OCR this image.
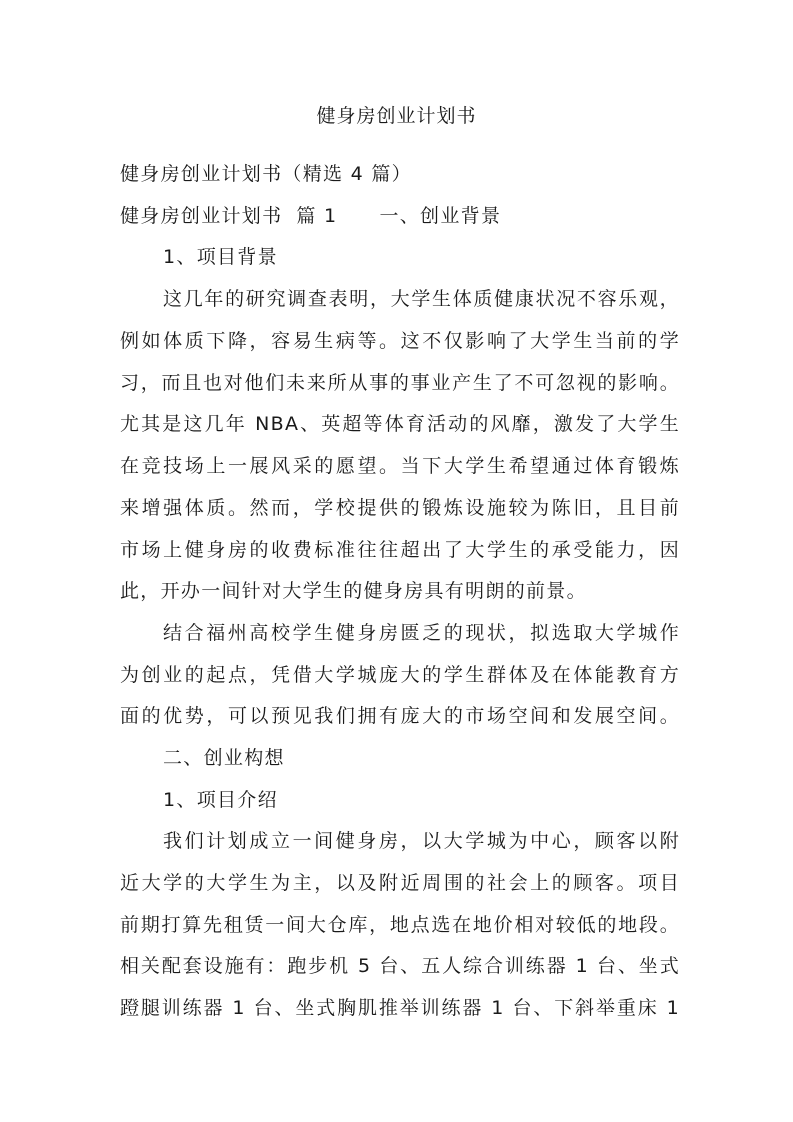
健身房创业计划书
健身房创业计划书（精选 4 篇）
健身房创业计划书 篇 1 一、创业背景
1、项目背景
这几年的研究调查表明，大学生体质健康状况不容乐观，
例如体质下降，容易生病等。这不仅影响了大学生当前的学
习，而且也对他们未来所从事的事业产生了不可忽视的影响。
尤其是这几年 NBA、英超等体育活动的风靡，激发了大学生
在竞技场上一展风采的愿望。当下大学生希望通过体育锻炼
来增强体质。然而，学校提供的锻炼设施较为陈旧，且目前
市场上健身房的收费标准往往超出了大学生的承受能力，因
此，开办一间针对大学生的健身房具有明朗的前景。
结合福州高校学生健身房匮乏的现状，拟选取大学城作
为创业的起点，凭借大学城庞大的学生群体及在体能教育方
面的优势，可以预见我们拥有庞大的市场空间和发展空间。
二、创业构想
1、项目介绍
我们计划成立一间健身房，以大学城为中心，顾客以附
近大学的大学生为主，以及附近周围的社会上的顾客。项目
前期打算先租赁一间大仓库，地点选在地价相对较低的地段。
相关配套设施有：跑步机 5 台、五人综合训练器 1 台、坐式
蹬腿训练器 1 台、坐式胸肌推举训练器 1 台、下斜举重床 1
